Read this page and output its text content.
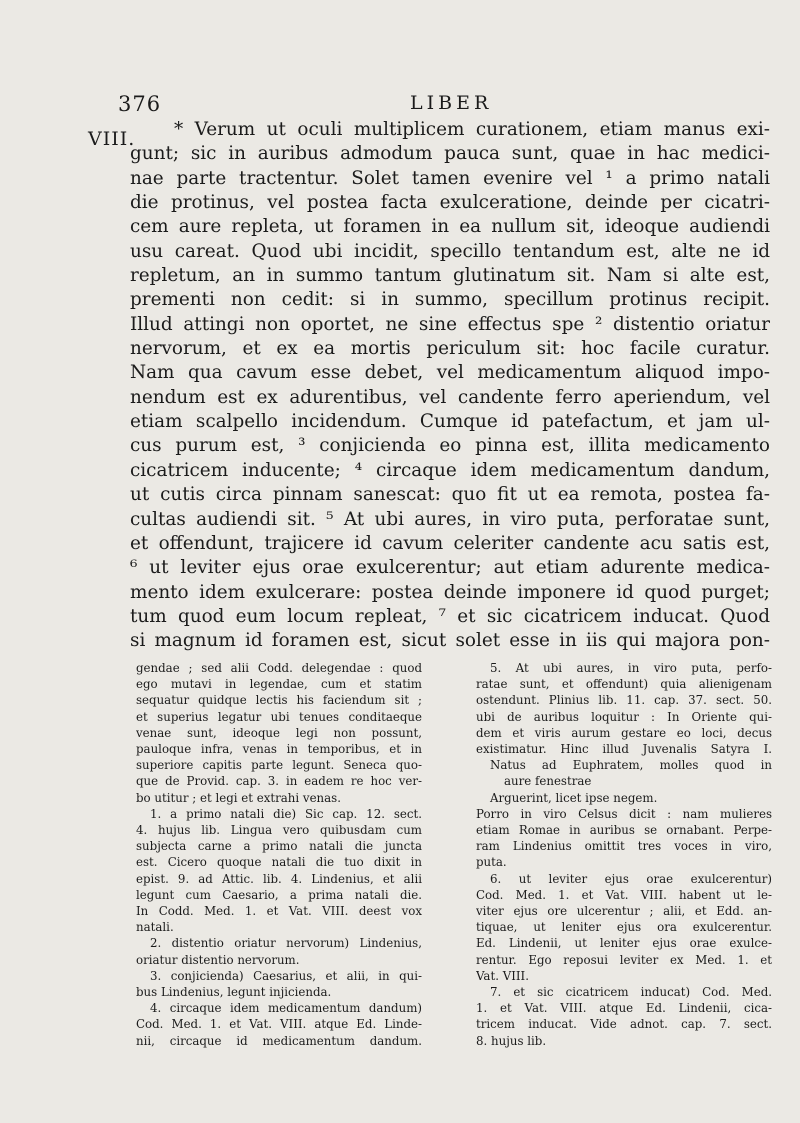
376	LIBER
VIII.	* Verum ut oculi multiplicem curationem, etiam manus exi-
gunt; sic in auribus admodum pauca sunt, quae in hac medici-
nae parte tractentur. Solet tamen evenire vel ¹ a primo natali
die protinus, vel postea facta exulceratione, deinde per cicatri-
cem aure repleta, ut foramen in ea nullum sit, ideoque audiendi
usu careat. Quod ubi incidit, specillo tentandum est, alte ne id
repletum, an in summo tantum glutinatum sit. Nam si alte est,
prementi non cedit: si in summo, specillum protinus recipit.
Illud attingi non oportet, ne sine effectus spe ² distentio oriatur
nervorum, et ex ea mortis periculum sit: hoc facile curatur.
Nam qua cavum esse debet, vel medicamentum aliquod impo-
nendum est ex adurentibus, vel candente ferro aperiendum, vel
etiam scalpello incidendum. Cumque id patefactum, et jam ul-
cus purum est, ³ conjicienda eo pinna est, illita medicamento
cicatricem inducente; ⁴ circaque idem medicamentum dandum,
ut cutis circa pinnam sanescat: quo fit ut ea remota, postea fa-
cultas audiendi sit. ⁵ At ubi aures, in viro puta, perforatae sunt,
et offendunt, trajicere id cavum celeriter candente acu satis est,
⁶ ut leviter ejus orae exulcerentur; aut etiam adurente medica-
mento idem exulcerare: postea deinde imponere id quod purget;
tum quod eum locum repleat, ⁷ et sic cicatricem inducat. Quod
si magnum id foramen est, sicut solet esse in iis qui majora pon-
gendae ; sed alii Codd. delegendae : quod
ego mutavi in legendae, cum et statim
sequatur quidque lectis his faciendum sit ;
et superius legatur ubi tenues conditaeque
venae sunt, ideoque legi non possunt,
pauloque infra, venas in temporibus, et in
superiore capitis parte legunt. Seneca quo-
que de Provid. cap. 3. in eadem re hoc ver-
bo utitur ; et legi et extrahi venas.
1. a primo natali die) Sic cap. 12. sect.
4. hujus lib. Lingua vero quibusdam cum
subjecta carne a primo natali die juncta
est. Cicero quoque natali die tuo dixit in
epist. 9. ad Attic. lib. 4. Lindenius, et alii
legunt cum Caesario, a prima natali die.
In Codd. Med. 1. et Vat. VIII. deest vox
natali.
2. distentio oriatur nervorum) Lindenius,
oriatur distentio nervorum.
3. conjicienda) Caesarius, et alii, in qui-
bus Lindenius, legunt injicienda.
4. circaque idem medicamentum dandum)
Cod. Med. 1. et Vat. VIII. atque Ed. Linde-
nii, circaque id medicamentum dandum.
5. At ubi aures, in viro puta, perfo-
ratae sunt, et offendunt) quia alienigenam
ostendunt. Plinius lib. 11. cap. 37. sect. 50.
ubi de auribus loquitur : In Oriente qui-
dem et viris aurum gestare eo loci, decus
existimatur. Hinc illud Juvenalis Satyra I.
Natus ad Euphratem, molles quod in
aure fenestrae
Arguerint, licet ipse negem.
Porro in viro Celsus dicit : nam mulieres
etiam Romae in auribus se ornabant. Perpe-
ram Lindenius omittit tres voces in viro,
puta.
6. ut leviter ejus orae exulcerentur)
Cod. Med. 1. et Vat. VIII. habent ut le-
viter ejus ore ulcerentur ; alii, et Edd. an-
tiquae, ut leniter ejus ora exulcerentur.
Ed. Lindenii, ut leniter ejus orae exulce-
rentur. Ego reposui leviter ex Med. 1. et
Vat. VIII.
7. et sic cicatricem inducat) Cod. Med.
1. et Vat. VIII. atque Ed. Lindenii, cica-
tricem inducat. Vide adnot. cap. 7. sect.
8. hujus lib.
